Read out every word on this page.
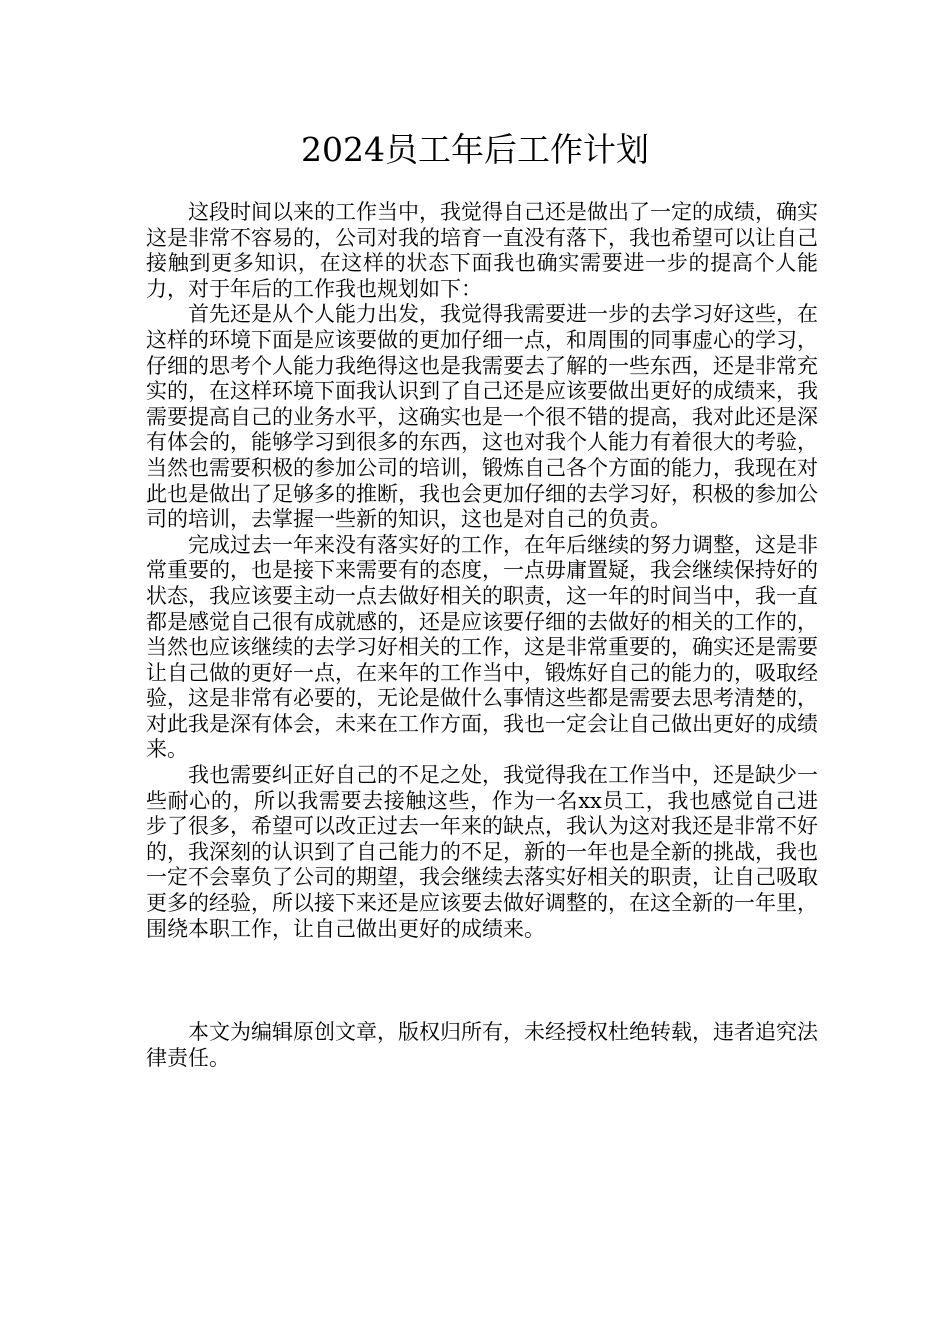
2024员工年后工作计划

这段时间以来的工作当中，我觉得自己还是做出了一定的成绩，确实这是非常不容易的，公司对我的培育一直没有落下，我也希望可以让自己接触到更多知识，在这样的状态下面我也确实需要进一步的提高个人能力，对于年后的工作我也规划如下：

首先还是从个人能力出发，我觉得我需要进一步的去学习好这些，在这样的环境下面是应该要做的更加仔细一点，和周围的同事虚心的学习，仔细的思考个人能力我绝得这也是我需要去了解的一些东西，还是非常充实的，在这样环境下面我认识到了自己还是应该要做出更好的成绩来，我需要提高自己的业务水平，这确实也是一个很不错的提高，我对此还是深有体会的，能够学习到很多的东西，这也对我个人能力有着很大的考验，当然也需要积极的参加公司的培训，锻炼自己各个方面的能力，我现在对此也是做出了足够多的推断，我也会更加仔细的去学习好，积极的参加公司的培训，去掌握一些新的知识，这也是对自己的负责。

完成过去一年来没有落实好的工作，在年后继续的努力调整，这是非常重要的，也是接下来需要有的态度，一点毋庸置疑，我会继续保持好的状态，我应该要主动一点去做好相关的职责，这一年的时间当中，我一直都是感觉自己很有成就感的，还是应该要仔细的去做好的相关的工作的，当然也应该继续的去学习好相关的工作，这是非常重要的，确实还是需要让自己做的更好一点，在来年的工作当中，锻炼好自己的能力的，吸取经验，这是非常有必要的，无论是做什么事情这些都是需要去思考清楚的，对此我是深有体会，未来在工作方面，我也一定会让自己做出更好的成绩来。

我也需要纠正好自己的不足之处，我觉得我在工作当中，还是缺少一些耐心的，所以我需要去接触这些，作为一名xx员工，我也感觉自己进步了很多，希望可以改正过去一年来的缺点，我认为这对我还是非常不好的，我深刻的认识到了自己能力的不足，新的一年也是全新的挑战，我也一定不会辜负了公司的期望，我会继续去落实好相关的职责，让自己吸取更多的经验，所以接下来还是应该要去做好调整的，在这全新的一年里，围绕本职工作，让自己做出更好的成绩来。

本文为编辑原创文章，版权归所有，未经授权杜绝转载，违者追究法律责任。
